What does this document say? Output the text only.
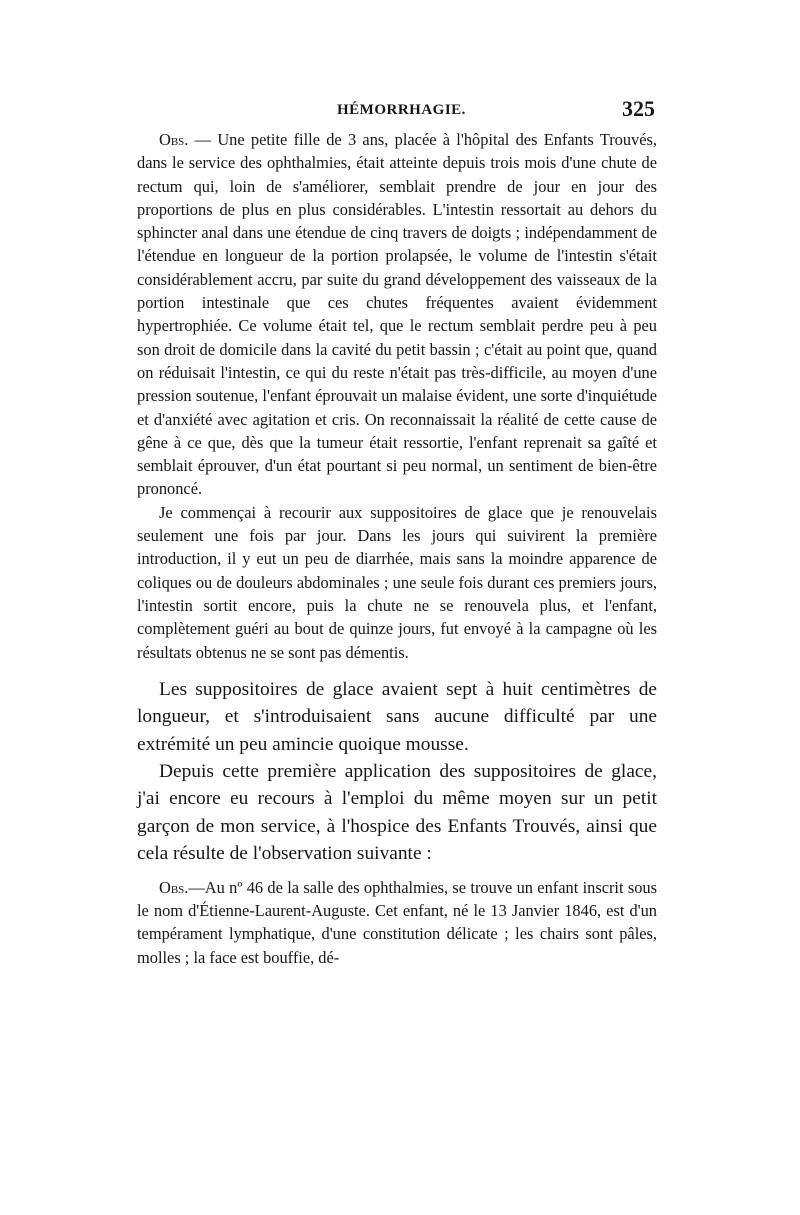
HÉMORRHAGIE.	325

Obs. — Une petite fille de 3 ans, placée à l'hôpital des Enfants Trouvés, dans le service des ophthalmies, était atteinte depuis trois mois d'une chute de rectum qui, loin de s'améliorer, semblait prendre de jour en jour des proportions de plus en plus considérables. L'intestin ressortait au dehors du sphincter anal dans une étendue de cinq travers de doigts ; indépendamment de l'étendue en longueur de la portion prolapsée, le volume de l'intestin s'était considérablement accru, par suite du grand développement des vaisseaux de la portion intestinale que ces chutes fréquentes avaient évidemment hypertrophiée. Ce volume était tel, que le rectum semblait perdre peu à peu son droit de domicile dans la cavité du petit bassin ; c'était au point que, quand on réduisait l'intestin, ce qui du reste n'était pas très-difficile, au moyen d'une pression soutenue, l'enfant éprouvait un malaise évident, une sorte d'inquiétude et d'anxiété avec agitation et cris. On reconnaissait la réalité de cette cause de gêne à ce que, dès que la tumeur était ressortie, l'enfant reprenait sa gaîté et semblait éprouver, d'un état pourtant si peu normal, un sentiment de bien-être prononcé.

Je commençai à recourir aux suppositoires de glace que je renouvelais seulement une fois par jour. Dans les jours qui suivirent la première introduction, il y eut un peu de diarrhée, mais sans la moindre apparence de coliques ou de douleurs abdominales ; une seule fois durant ces premiers jours, l'intestin sortit encore, puis la chute ne se renouvela plus, et l'enfant, complètement guéri au bout de quinze jours, fut envoyé à la campagne où les résultats obtenus ne se sont pas démentis.

Les suppositoires de glace avaient sept à huit centimètres de longueur, et s'introduisaient sans aucune difficulté par une extrémité un peu amincie quoique mousse.

Depuis cette première application des suppositoires de glace, j'ai encore eu recours à l'emploi du même moyen sur un petit garçon de mon service, à l'hospice des Enfants Trouvés, ainsi que cela résulte de l'observation suivante :

Obs.—Au nº 46 de la salle des ophthalmies, se trouve un enfant inscrit sous le nom d'Étienne-Laurent-Auguste. Cet enfant, né le 13 Janvier 1846, est d'un tempérament lymphatique, d'une constitution délicate ; les chairs sont pâles, molles ; la face est bouffie, dé-
